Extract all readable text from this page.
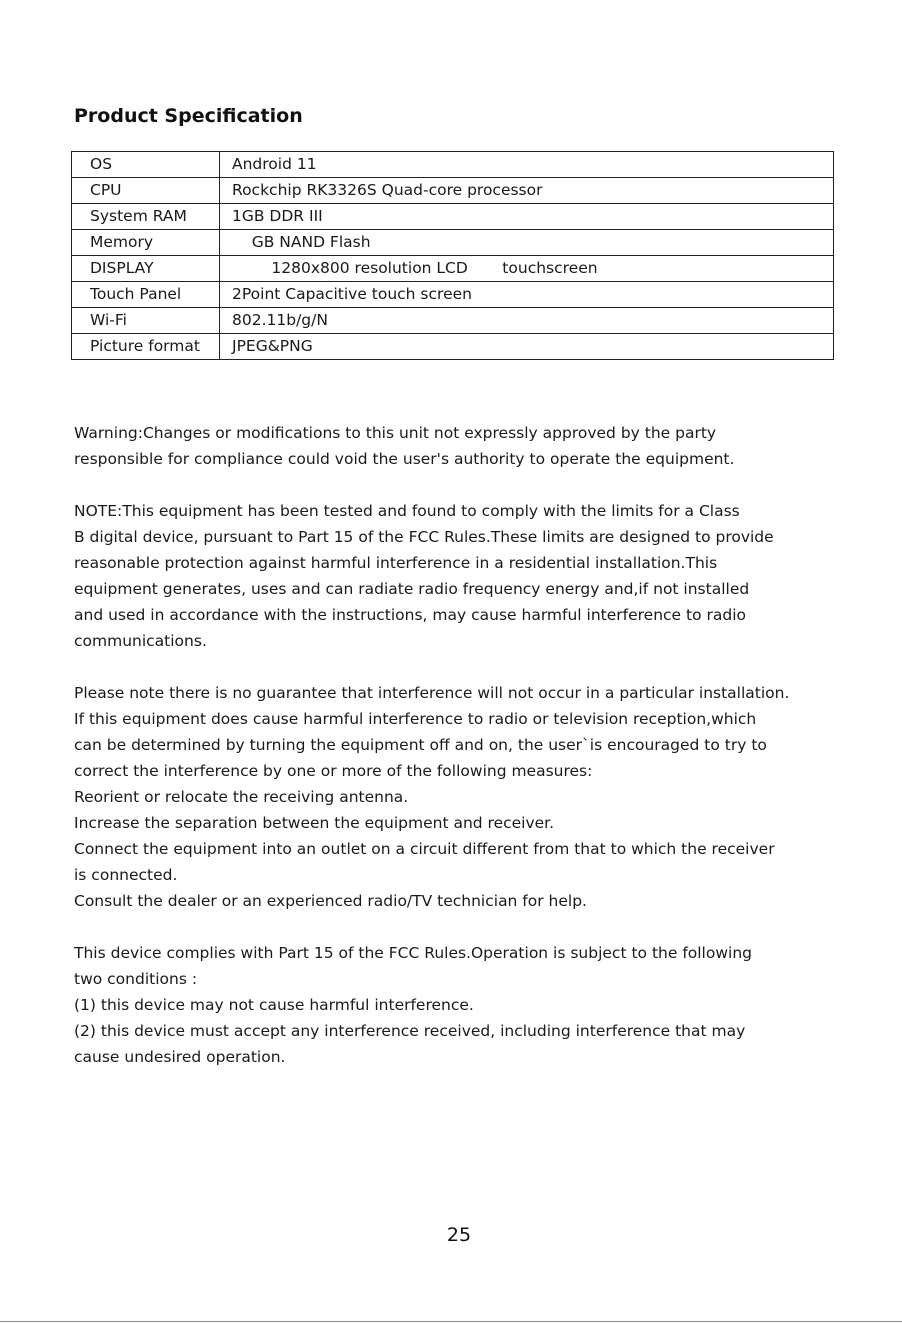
Product Specification
OS	Android 11
CPU	Rockchip RK3326S Quad-core processor
System RAM	1GB DDR III
Memory	GB NAND Flash
DISPLAY	1280x800 resolution LCD       touchscreen
Touch Panel	2Point Capacitive touch screen
Wi-Fi	802.11b/g/N
Picture format	JPEG&PNG

Warning:Changes or modifications to this unit not expressly approved by the party

responsible for compliance could void the user's authority to operate the equipment.

NOTE:This equipment has been tested and found to comply with the limits for a Class

B digital device, pursuant to Part 15 of the FCC Rules.These limits are designed to provide

reasonable protection against harmful interference in a residential installation.This

equipment generates, uses and can radiate radio frequency energy and,if not installed

and used in accordance with the instructions, may cause harmful interference to radio

communications.

Please note there is no guarantee that interference will not occur in a particular installation.

If this equipment does cause harmful interference to radio or television reception,which

can be determined by turning the equipment off and on, the user`is encouraged to try to

correct the interference by one or more of the following measures:

Reorient or relocate the receiving antenna.

Increase the separation between the equipment and receiver.

Connect the equipment into an outlet on a circuit different from that to which the receiver

is connected.

Consult the dealer or an experienced radio/TV technician for help.

This device complies with Part 15 of the FCC Rules.Operation is subject to the following

two conditions :

(1) this device may not cause harmful interference.

(2) this device must accept any interference received, including interference that may

cause undesired operation.

25
